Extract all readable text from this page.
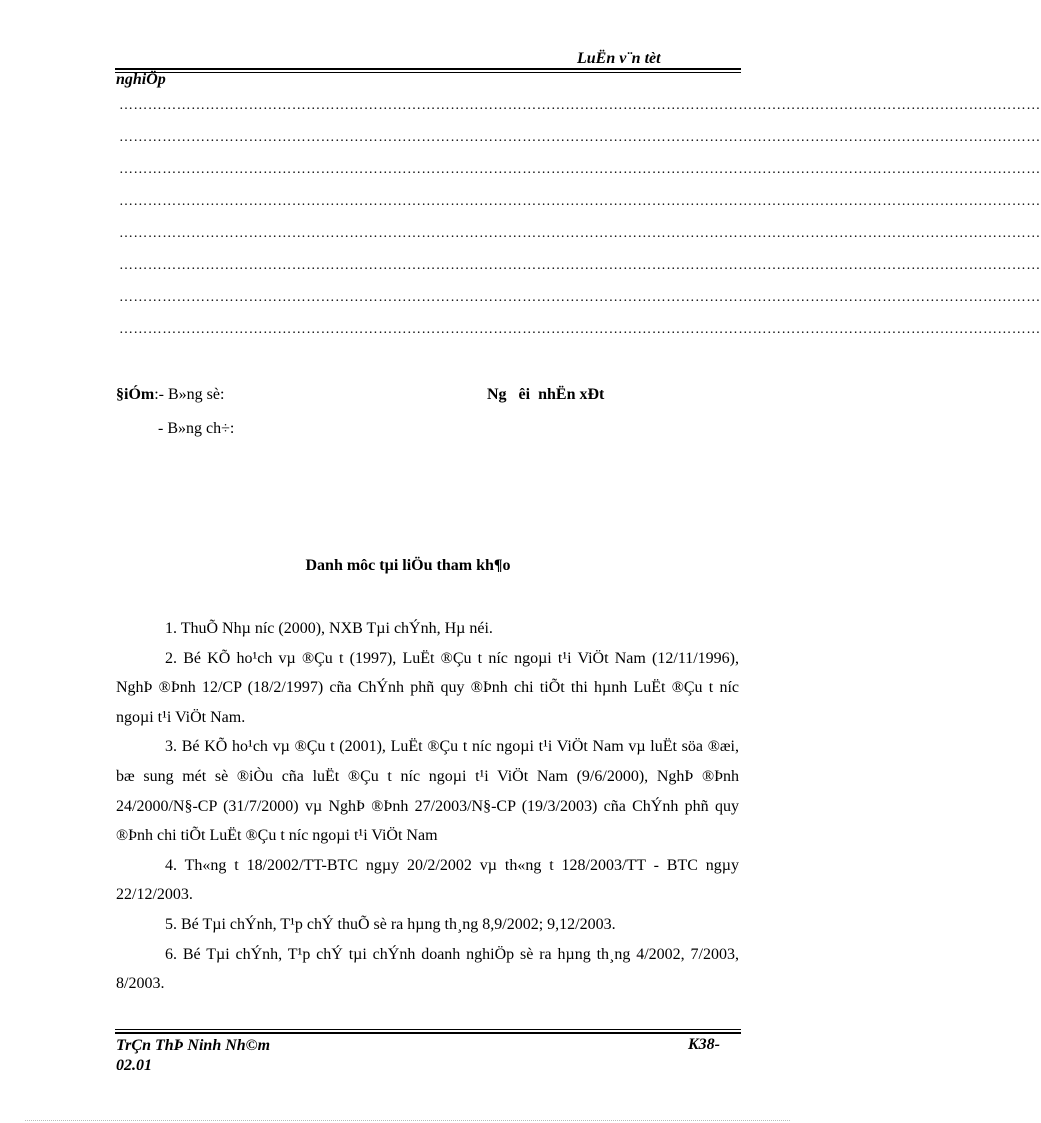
LuËn v¨n tèt
nghiÖp
…………………………………………………………………………………………………………………………………………………………………………
…………………………………………………………………………………………………………………………………………………………………………
…………………………………………………………………………………………………………………………………………………………………………
…………………………………………………………………………………………………………………………………………………………………………
…………………………………………………………………………………………………………………………………………………………………………
…………………………………………………………………………………………………………………………………………………………………………
…………………………………………………………………………………………………………………………………………………………………………
…………………………………………………………………………………………………………………………………………………………………………
§iÓm:- B»ng sè:	Ng   êi  nhËn xÐt
- B»ng ch÷:
Danh môc tµi liÖu tham kh¶o

1. ThuÕ Nhµ níc (2000), NXB Tµi chÝnh, Hµ néi.

2. Bé KÕ ho¹ch vµ ®Çu t (1997), LuËt ®Çu t níc ngoµi t¹i ViÖt Nam (12/11/1996), NghÞ ®Þnh 12/CP (18/2/1997) cña ChÝnh phñ quy ®Þnh chi tiÕt thi hµnh LuËt ®Çu t níc ngoµi t¹i ViÖt Nam.

3. Bé KÕ ho¹ch vµ ®Çu t (2001), LuËt ®Çu t níc ngoµi t¹i ViÖt Nam vµ luËt söa ®æi, bæ sung mét sè ®iÒu cña luËt ®Çu t níc ngoµi t¹i ViÖt Nam (9/6/2000), NghÞ ®Þnh 24/2000/N§-CP (31/7/2000) vµ NghÞ ®Þnh 27/2003/N§-CP (19/3/2003) cña ChÝnh phñ quy ®Þnh chi tiÕt LuËt ®Çu t níc ngoµi t¹i ViÖt Nam

4. Th«ng t 18/2002/TT-BTC ngµy 20/2/2002 vµ th«ng t 128/2003/TT - BTC ngµy 22/12/2003.

5. Bé Tµi chÝnh, T¹p chÝ thuÕ sè ra hµng th¸ng 8,9/2002; 9,12/2003.

6. Bé Tµi chÝnh, T¹p chÝ tµi chÝnh doanh nghiÖp sè ra hµng th¸ng 4/2002, 7/2003, 8/2003.

TrÇn ThÞ Ninh Nh©m
02.01
K38-
